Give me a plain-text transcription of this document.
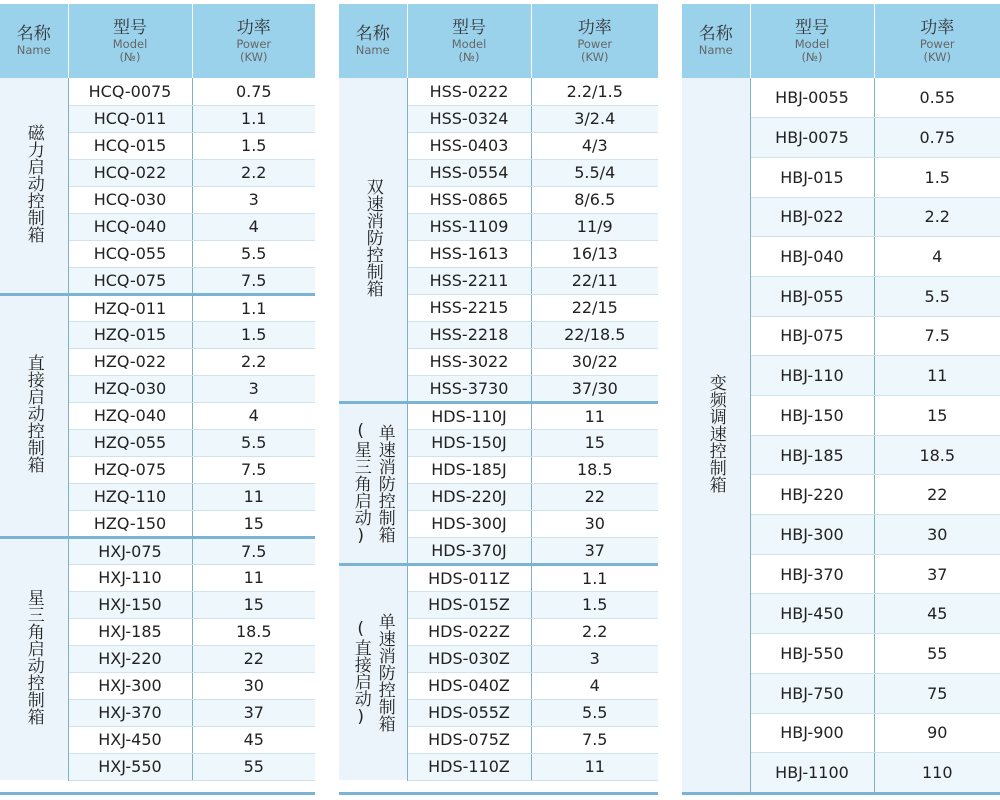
名称
Name	型号
Model
(№)	功率
Power
(KW)

磁力启动控制箱	HCQ-0075	0.75
	HCQ-011	1.1
	HCQ-015	1.5
	HCQ-022	2.2
	HCQ-030	3
	HCQ-040	4
	HCQ-055	5.5
	HCQ-075	7.5
直接启动控制箱	HZQ-011	1.1
	HZQ-015	1.5
	HZQ-022	2.2
	HZQ-030	3
	HZQ-040	4
	HZQ-055	5.5
	HZQ-075	7.5
	HZQ-110	11
	HZQ-150	15
星三角启动控制箱	HXJ-075	7.5
	HXJ-110	11
	HXJ-150	15
	HXJ-185	18.5
	HXJ-220	22
	HXJ-300	30
	HXJ-370	37
	HXJ-450	45
	HXJ-550	55
名称
Name	型号
Model
(№)	功率
Power
(KW)

双速消防控制箱	HSS-0222	2.2/1.5
	HSS-0324	3/2.4
	HSS-0403	4/3
	HSS-0554	5.5/4
	HSS-0865	8/6.5
	HSS-1109	11/9
	HSS-1613	16/13
	HSS-2211	22/11
	HSS-2215	22/15
	HSS-2218	22/18.5
	HSS-3022	30/22
	HSS-3730	37/30

单速消防控制箱
(星三角启动)	HDS-110J	11
	HDS-150J	15
	HDS-185J	18.5
	HDS-220J	22
	HDS-300J	30
	HDS-370J	37

单速消防控制箱
(直接启动)	HDS-011Z	1.1
	HDS-015Z	1.5
	HDS-022Z	2.2
	HDS-030Z	3
	HDS-040Z	4
	HDS-055Z	5.5
	HDS-075Z	7.5
	HDS-110Z	11
名称
Name	型号
Model
(№)	功率
Power
(KW)

变频调速控制箱	HBJ-0055	0.55
	HBJ-0075	0.75
	HBJ-015	1.5
	HBJ-022	2.2
	HBJ-040	4
	HBJ-055	5.5
	HBJ-075	7.5
	HBJ-110	11
	HBJ-150	15
	HBJ-185	18.5
	HBJ-220	22
	HBJ-300	30
	HBJ-370	37
	HBJ-450	45
	HBJ-550	55
	HBJ-750	75
	HBJ-900	90
	HBJ-1100	110
